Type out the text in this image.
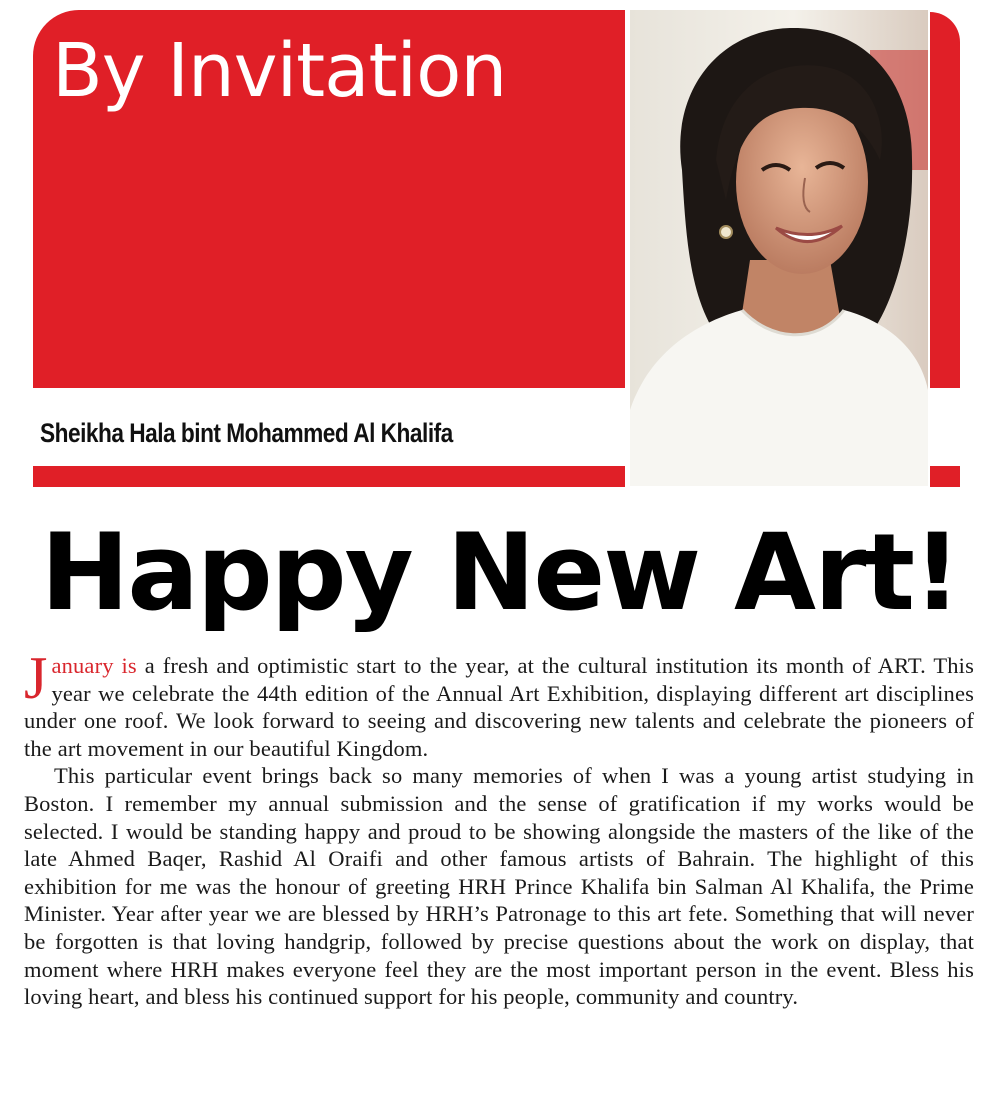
By Invitation
Sheikha Hala bint Mohammed Al Khalifa
Happy New Art!

January is a fresh and optimistic start to the year, at the cultural institution its month of ART. This year we celebrate the 44th edition of the Annual Art Exhibition, displaying different art disciplines under one roof. We look forward to seeing and discovering new talents and celebrate the pioneers of the art movement in our beautiful Kingdom.

This particular event brings back so many memories of when I was a young artist studying in Boston. I remember my annual submission and the sense of gratification if my works would be selected. I would be standing happy and proud to be showing alongside the masters of the like of the late Ahmed Baqer, Rashid Al Oraifi and other famous artists of Bahrain. The highlight of this exhibition for me was the honour of greeting HRH Prince Khalifa bin Salman Al Khalifa, the Prime Minister. Year after year we are blessed by HRH’s Patronage to this art fete. Something that will never be forgotten is that loving handgrip, followed by precise questions about the work on display, that moment where HRH makes everyone feel they are the most important person in the event. Bless his loving heart, and bless his continued support for his people, community and country.
